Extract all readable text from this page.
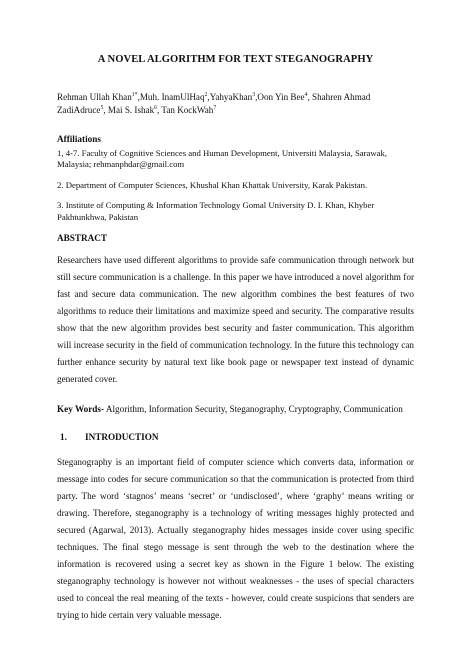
A NOVEL ALGORITHM FOR TEXT STEGANOGRAPHY
Rehman Ullah Khan$^{1*}$,Muh. InamUlHaq$^2$,YahyaKhan$^3$,Oon Yin Bee$^4$, Shahren Ahmad ZadiAdruce$^5$, Mai S. Ishak$^6$, Tan KockWah$^7$
Affiliations
1, 4-7. Faculty of Cognitive Sciences and Human Development, Universiti Malaysia, Sarawak, Malaysia; rehmanphdar@gmail.com
2. Department of Computer Sciences, Khushal Khan Khattak University, Karak Pakistan.
3. Institute of Computing & Information Technology Gomal University D. I. Khan, Khyber Pakhtunkhwa, Pakistan
ABSTRACT

Researchers have used different algorithms to provide safe communication through network but still secure communication is a challenge. In this paper we have introduced a novel algorithm for fast and secure data communication. The new algorithm combines the best features of two algorithms to reduce their limitations and maximize speed and security. The comparative results show that the new algorithm provides best security and faster communication. This algorithm will increase security in the field of communication technology. In the future this technology can further enhance security by natural text like book page or newspaper text instead of dynamic generated cover.

Key Words- Algorithm, Information Security, Steganography, Cryptography, Communication

1.	INTRODUCTION

Steganography is an important field of computer science which converts data, information or message into codes for secure communication so that the communication is protected from third party. The word ‘stagnos’ means ‘secret’ or ‘undisclosed’, where ‘graphy’ means writing or drawing. Therefore, steganography is a technology of writing messages highly protected and secured (Agarwal, 2013). Actually steganography hides messages inside cover using specific techniques. The final stego message is sent through the web to the destination where the information is recovered using a secret key as shown in the Figure 1 below. The existing steganography technology is however not without weaknesses - the uses of special characters used to conceal the real meaning of the texts - however, could create suspicions that senders are trying to hide certain very valuable message.
